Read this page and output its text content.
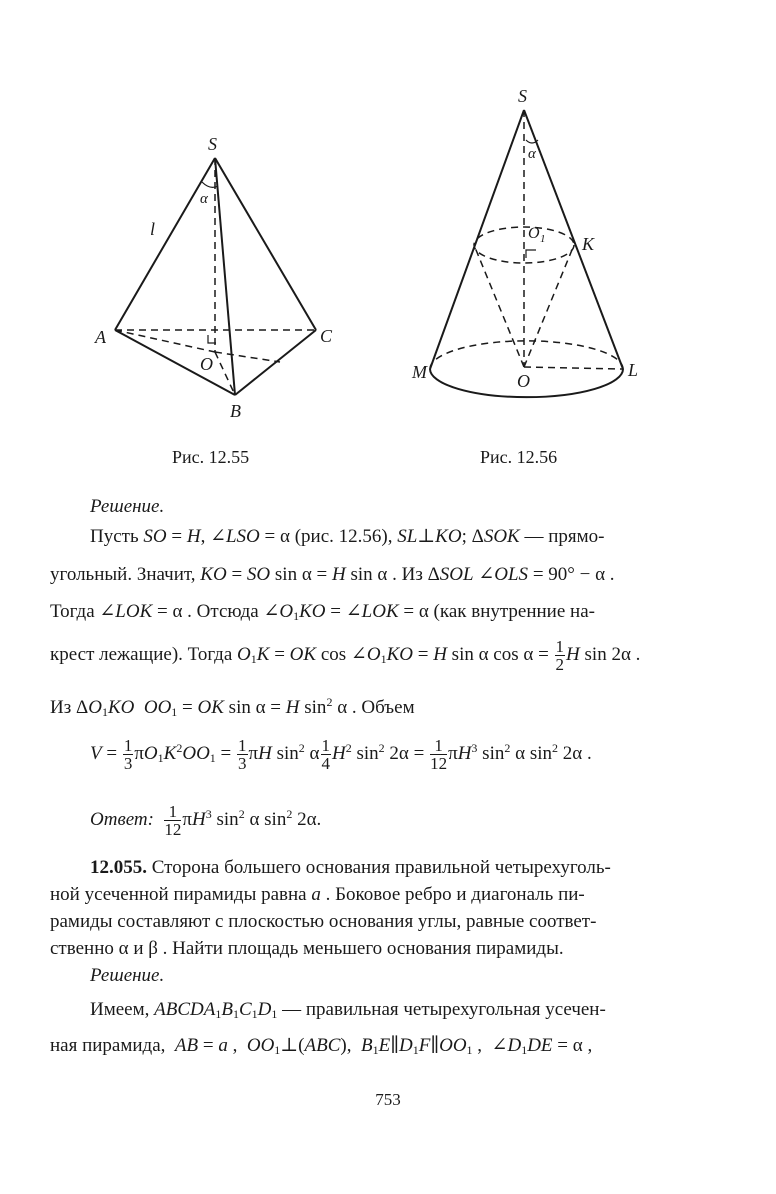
S
A
B
C
O
l
α
Рис. 12.55
S
K
M	L
O
O 1
α
Рис. 12.56
Решение.
Пусть SO = H, ∠LSO = α (рис. 12.56), SL⊥KO; ΔSOK — прямо-
угольный. Значит, KO = SO sin α = H sin α . Из ΔSOL ∠OLS = 90° − α .
Тогда ∠LOK = α . Отсюда $\angle O_1KO$ = ∠LOK = α (как внутренние на-
крест лежащие). Тогда $O_1K$ = OK $\cos \angle O_1KO = H$ sin α $\cos \alpha = \frac{1}{2}$ H sin 2α .
Из $\Delta O_1KO$ $OO_1$ = OK sin α = H $\sin^2 \alpha$ . Объем
$V = \frac{1}{3} \pi O_1K^2OO_1 = \frac{1}{3}$ πH $\sin^2 \alpha \frac{1}{4} H^2$ $\sin^2 2\alpha = \frac{1}{12} \pi H^3$ $\sin^2 \alpha$ $\sin^2 2\alpha$ .
Ответ: $\frac{1}{12} \pi H^3$ $\sin^2 \alpha$ $\sin^2 2\alpha$.
12.055. Сторона большего основания правильной четырехуголь-
ной усеченной пирамиды равна a . Боковое ребро и диагональ пи-
рамиды составляют с плоскостью основания углы, равные соответ-
ственно α и β . Найти площадь меньшего основания пирамиды.
Решение.
Имеем, $ABCDA_1B_1C_1D_1$ — правильная четырехугольная усечен-
ная пирамида,  AB = a ,  $OO_1\perp(ABC)$,  $B_1E\parallel D_1F\parallel OO_1$ ,  $\angle D_1DE = \alpha$ ,
753
